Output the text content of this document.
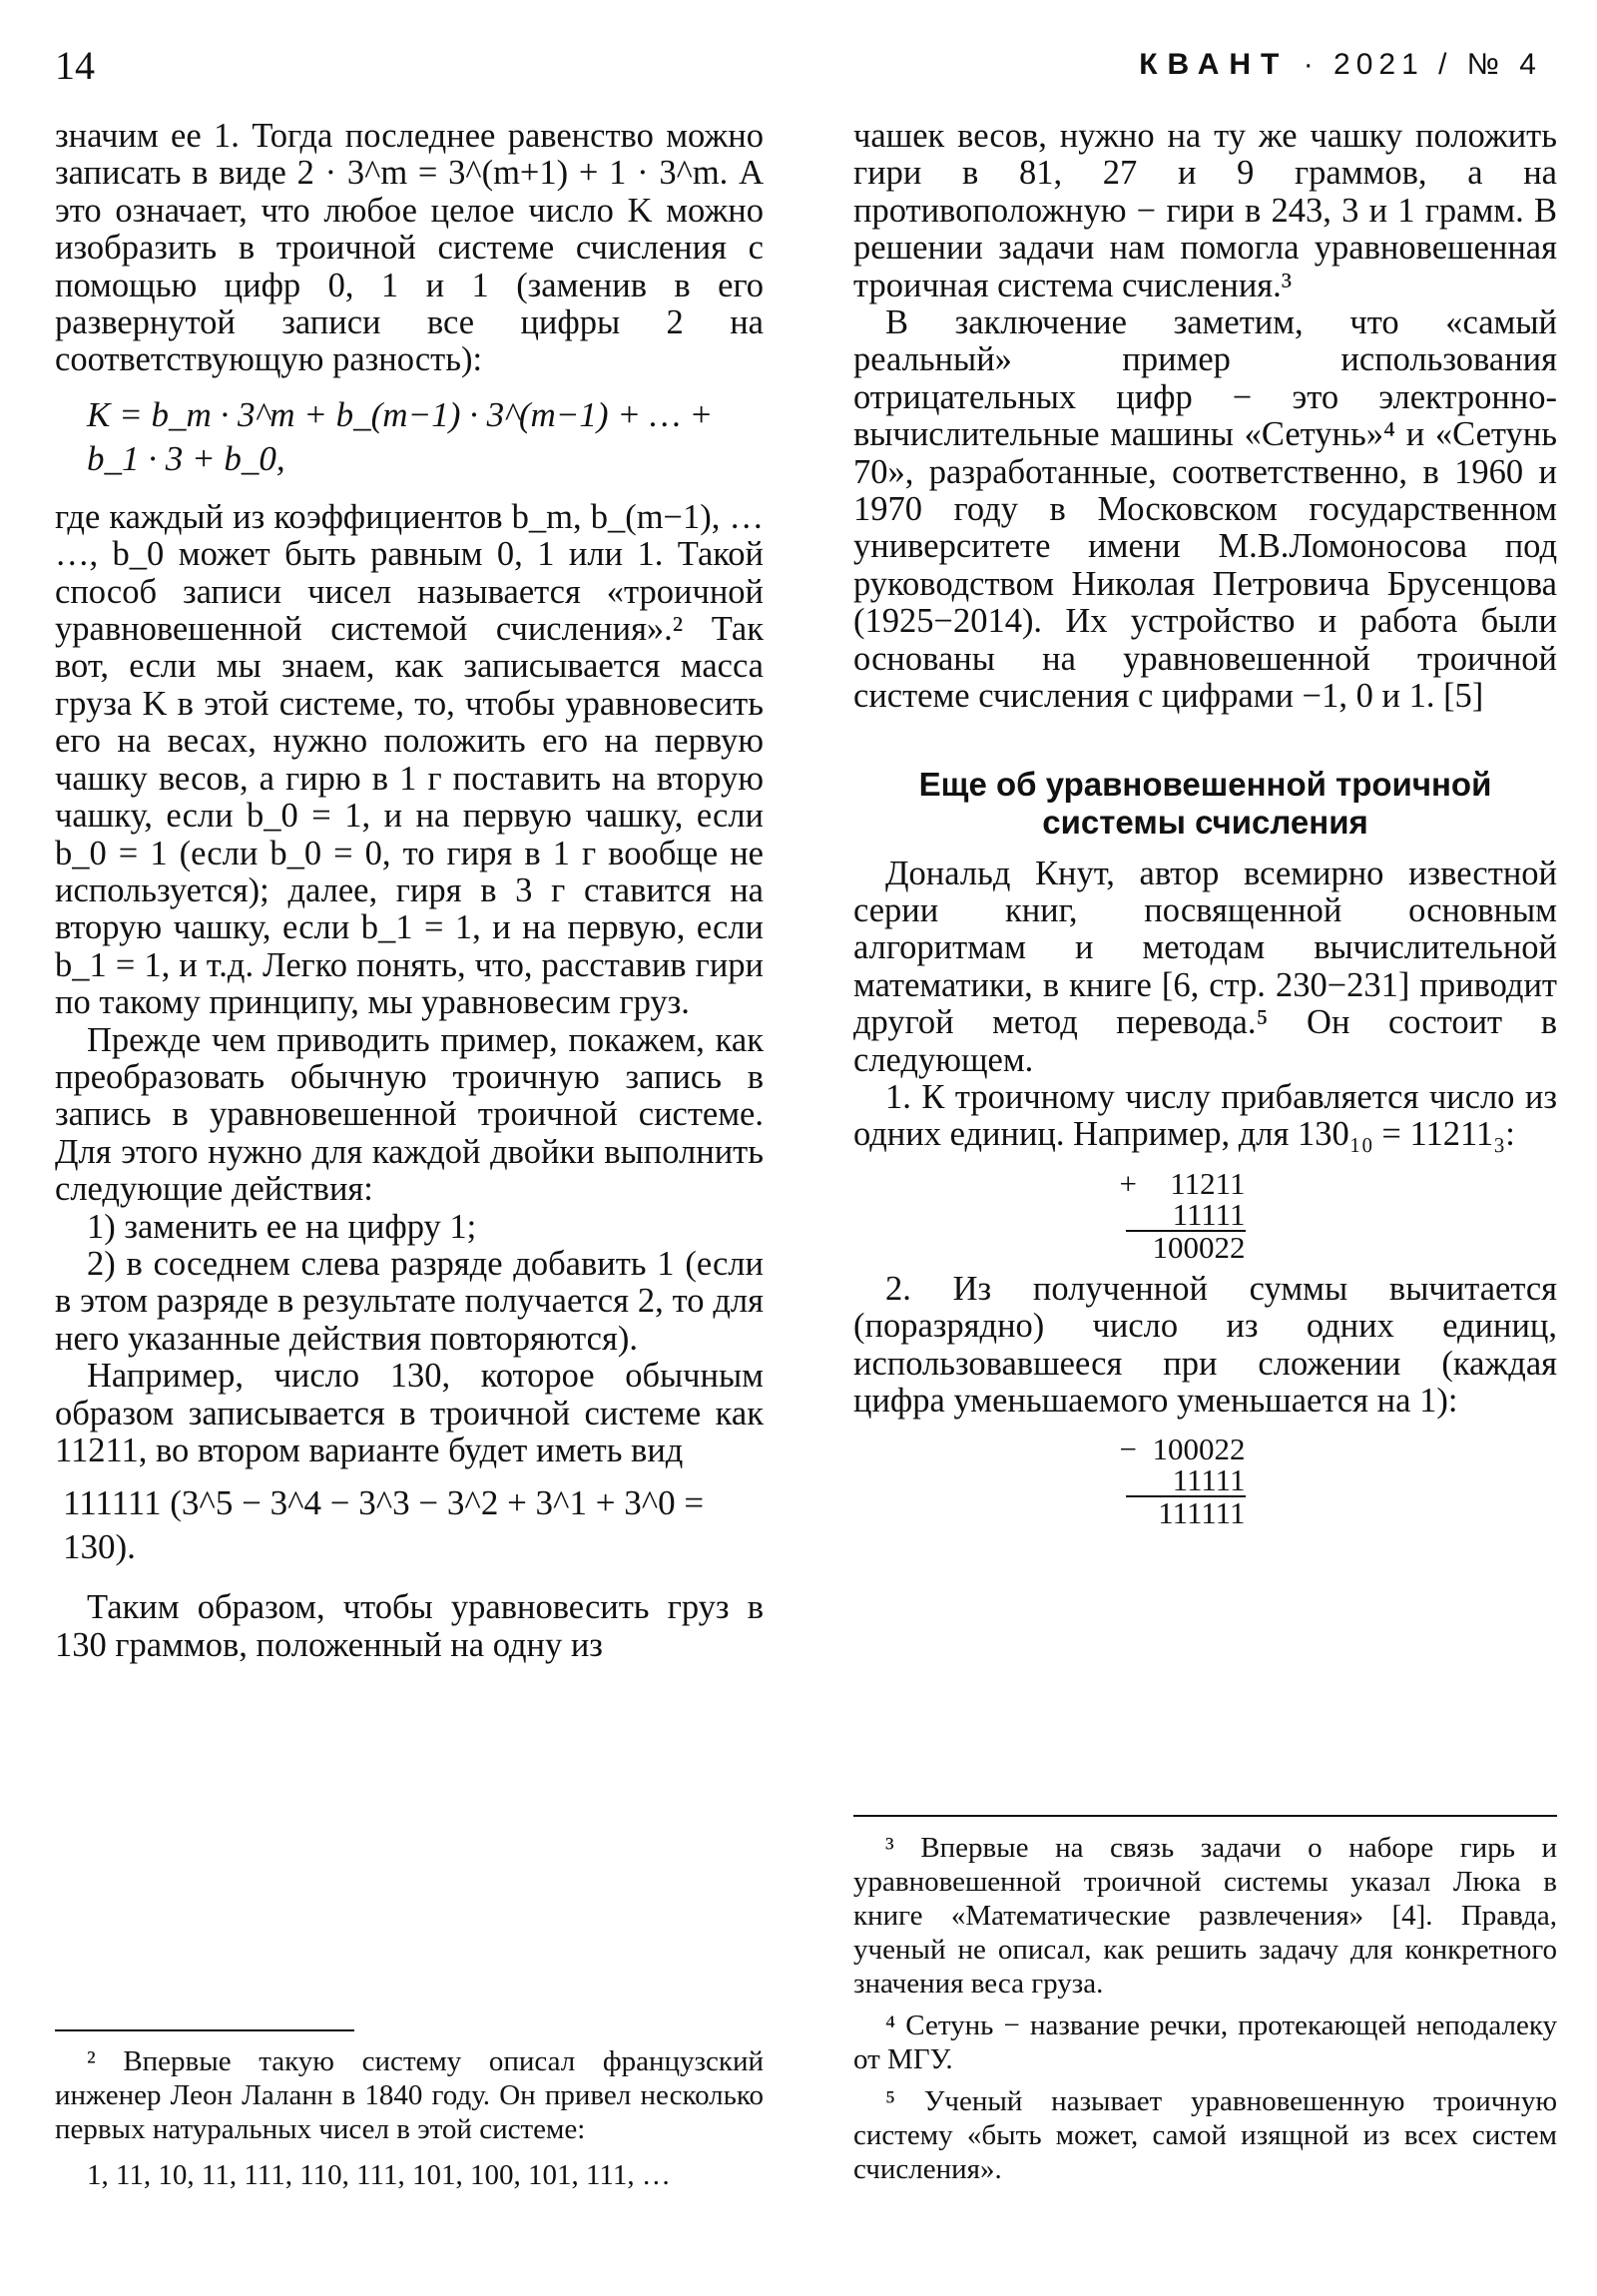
14	КВАНТ · 2021 / № 4

значим ее 1. Тогда последнее равенство можно записать в виде 2 · 3^m = 3^(m+1) + 1 · 3^m. А это означает, что любое целое число K можно изобразить в троичной системе счисления с помощью цифр 0, 1 и 1 (заменив в его развернутой записи все цифры 2 на соответствующую разность):

K = b_m · 3^m + b_(m−1) · 3^(m−1) + … + b_1 · 3 + b_0,

где каждый из коэффициентов b_m, b_(m−1), … …, b_0 может быть равным 0, 1 или 1. Такой способ записи чисел называется «троичной уравновешенной системой счисления».² Так вот, если мы знаем, как записывается масса груза K в этой системе, то, чтобы уравновесить его на весах, нужно положить его на первую чашку весов, а гирю в 1 г поставить на вторую чашку, если b_0 = 1, и на первую чашку, если b_0 = 1 (если b_0 = 0, то гиря в 1 г вообще не используется); далее, гиря в 3 г ставится на вторую чашку, если b_1 = 1, и на первую, если b_1 = 1, и т.д. Легко понять, что, расставив гири по такому принципу, мы уравновесим груз.

Прежде чем приводить пример, покажем, как преобразовать обычную троичную запись в запись в уравновешенной троичной системе. Для этого нужно для каждой двойки выполнить следующие действия:

1) заменить ее на цифру 1;

2) в соседнем слева разряде добавить 1 (если в этом разряде в результате получается 2, то для него указанные действия повторяются).

Например, число 130, которое обычным образом записывается в троичной системе как 11211, во втором варианте будет иметь вид

111111 (3^5 − 3^4 − 3^3 − 3^2 + 3^1 + 3^0 = 130).

Таким образом, чтобы уравновесить груз в 130 граммов, положенный на одну из

² Впервые такую систему описал французский инженер Леон Лаланн в 1840 году. Он привел несколько первых натуральных чисел в этой системе:

1, 11, 10, 11, 111, 110, 111, 101, 100, 101, 111, …

чашек весов, нужно на ту же чашку положить гири в 81, 27 и 9 граммов, а на противоположную − гири в 243, 3 и 1 грамм. В решении задачи нам помогла уравновешенная троичная система счисления.³

В заключение заметим, что «самый реальный» пример использования отрицательных цифр − это электронно-вычислительные машины «Сетунь»⁴ и «Сетунь 70», разработанные, соответственно, в 1960 и 1970 году в Московском государственном университете имени М.В.Ломоносова под руководством Николая Петровича Брусенцова (1925−2014). Их устройство и работа были основаны на уравновешенной троичной системе счисления с цифрами −1, 0 и 1. [5]

Еще об уравновешенной троичной системы счисления

Дональд Кнут, автор всемирно известной серии книг, посвященной основным алгоритмам и методам вычислительной математики, в книге [6, стр. 230−231] приводит другой метод перевода.⁵ Он состоит в следующем.

1. К троичному числу прибавляется число из одних единиц. Например, для 130₁₀ = 11211₃:

+	11211
11111
100022

2. Из полученной суммы вычитается (поразрядно) число из одних единиц, использовавшееся при сложении (каждая цифра уменьшаемого уменьшается на 1):

− 100022
11111
111111

³ Впервые на связь задачи о наборе гирь и уравновешенной троичной системы указал Люка в книге «Математические развлечения» [4]. Правда, ученый не описал, как решить задачу для конкретного значения веса груза.

⁴ Сетунь − название речки, протекающей неподалеку от МГУ.

⁵ Ученый называет уравновешенную троичную систему «быть может, самой изящной из всех систем счисления».
